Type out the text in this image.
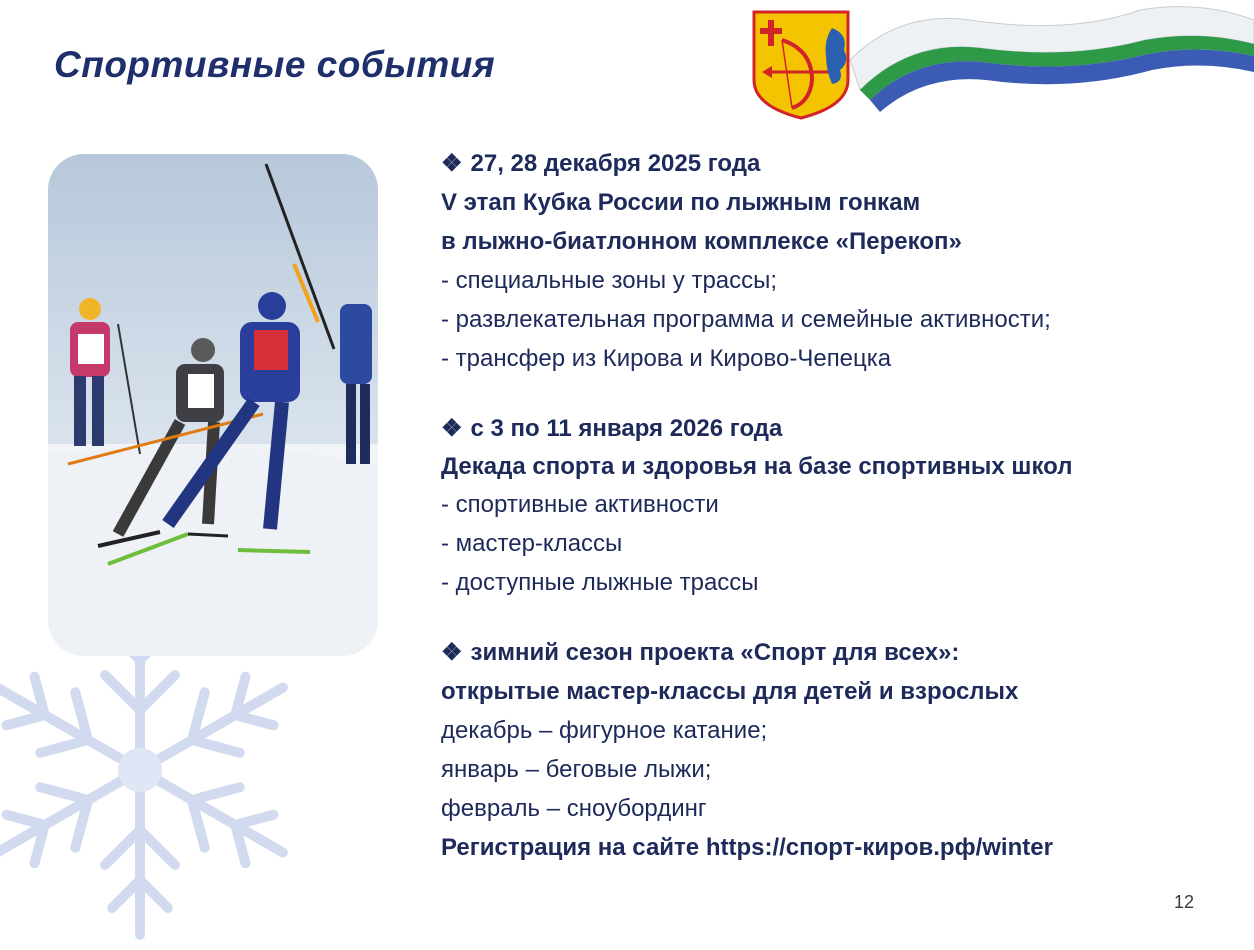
Спортивные события
❖ 27, 28 декабря 2025 года
V этап Кубка России по лыжным гонкам
в лыжно-биатлонном комплексе «Перекоп»
- специальные зоны у трассы;
- развлекательная программа и семейные активности;
- трансфер из Кирова и Кирово-Чепецка
❖ с 3 по 11 января 2026 года
Декада спорта и здоровья на базе спортивных школ
- спортивные активности
- мастер-классы
- доступные лыжные трассы
❖ зимний сезон проекта «Спорт для всех»:
открытые мастер-классы для детей и взрослых
декабрь – фигурное катание;
январь – беговые лыжи;
февраль – сноубординг
Регистрация на сайте https://спорт-киров.рф/winter
12
